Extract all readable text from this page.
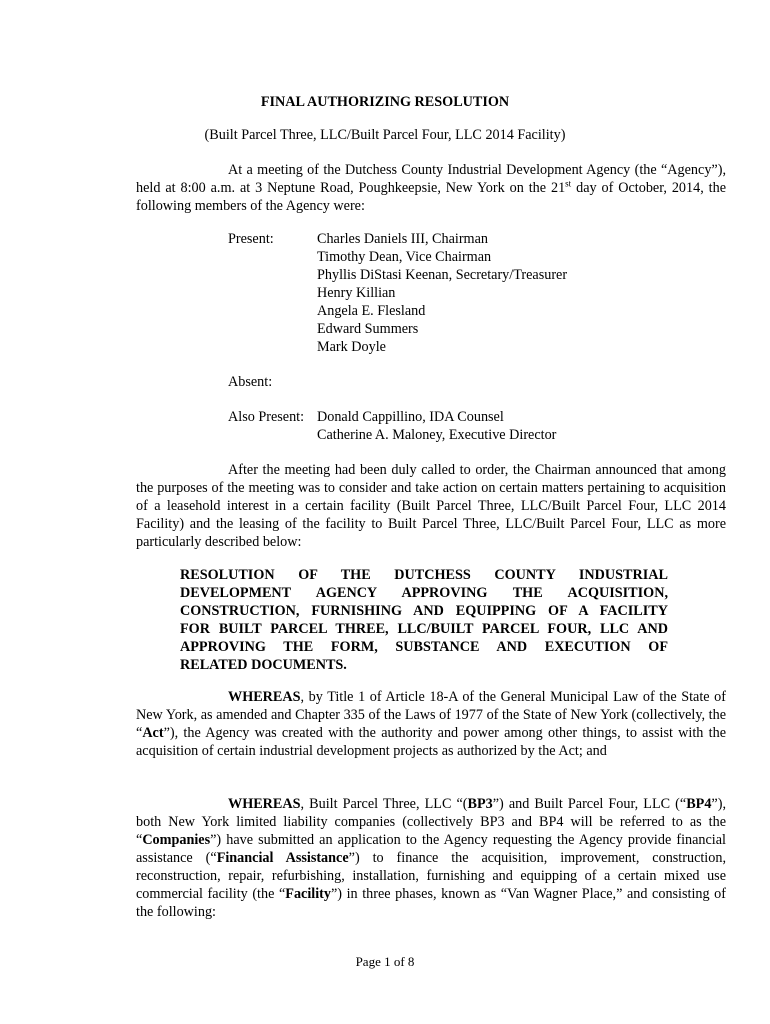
FINAL AUTHORIZING RESOLUTION
(Built Parcel Three, LLC/Built Parcel Four, LLC 2014 Facility)
At a meeting of the Dutchess County Industrial Development Agency (the “Agency”), held at 8:00 a.m. at 3 Neptune Road, Poughkeepsie, New York on the 21st day of October, 2014, the following members of the Agency were:
Present:	Charles Daniels III, Chairman
Timothy Dean, Vice Chairman
Phyllis DiStasi Keenan, Secretary/Treasurer
Henry Killian
Angela E. Flesland
Edward Summers
Mark Doyle
Absent:
Also Present: Donald Cappillino, IDA Counsel
Catherine A. Maloney, Executive Director
After the meeting had been duly called to order, the Chairman announced that among the purposes of the meeting was to consider and take action on certain matters pertaining to acquisition of a leasehold interest in a certain facility (Built Parcel Three, LLC/Built Parcel Four, LLC 2014 Facility) and the leasing of the facility to Built Parcel Three, LLC/Built Parcel Four, LLC as more particularly described below:
RESOLUTION OF THE DUTCHESS COUNTY INDUSTRIAL
DEVELOPMENT AGENCY APPROVING THE ACQUISITION,
CONSTRUCTION, FURNISHING AND EQUIPPING OF A FACILITY
FOR BUILT PARCEL THREE, LLC/BUILT PARCEL FOUR, LLC AND
APPROVING THE FORM, SUBSTANCE AND EXECUTION OF
RELATED DOCUMENTS.
WHEREAS, by Title 1 of Article 18-A of the General Municipal Law of the State of New York, as amended and Chapter 335 of the Laws of 1977 of the State of New York (collectively, the “Act”), the Agency was created with the authority and power among other things, to assist with the acquisition of certain industrial development projects as authorized by the Act; and
WHEREAS, Built Parcel Three, LLC “(BP3”) and Built Parcel Four, LLC (“BP4”), both New York limited liability companies (collectively BP3 and BP4 will be referred to as the “Companies”) have submitted an application to the Agency requesting the Agency provide financial assistance (“Financial Assistance”) to finance the acquisition, improvement, construction, reconstruction, repair, refurbishing, installation, furnishing and equipping of a certain mixed use commercial facility (the “Facility”) in three phases, known as “Van Wagner Place,” and consisting of the following:
Page 1 of 8
